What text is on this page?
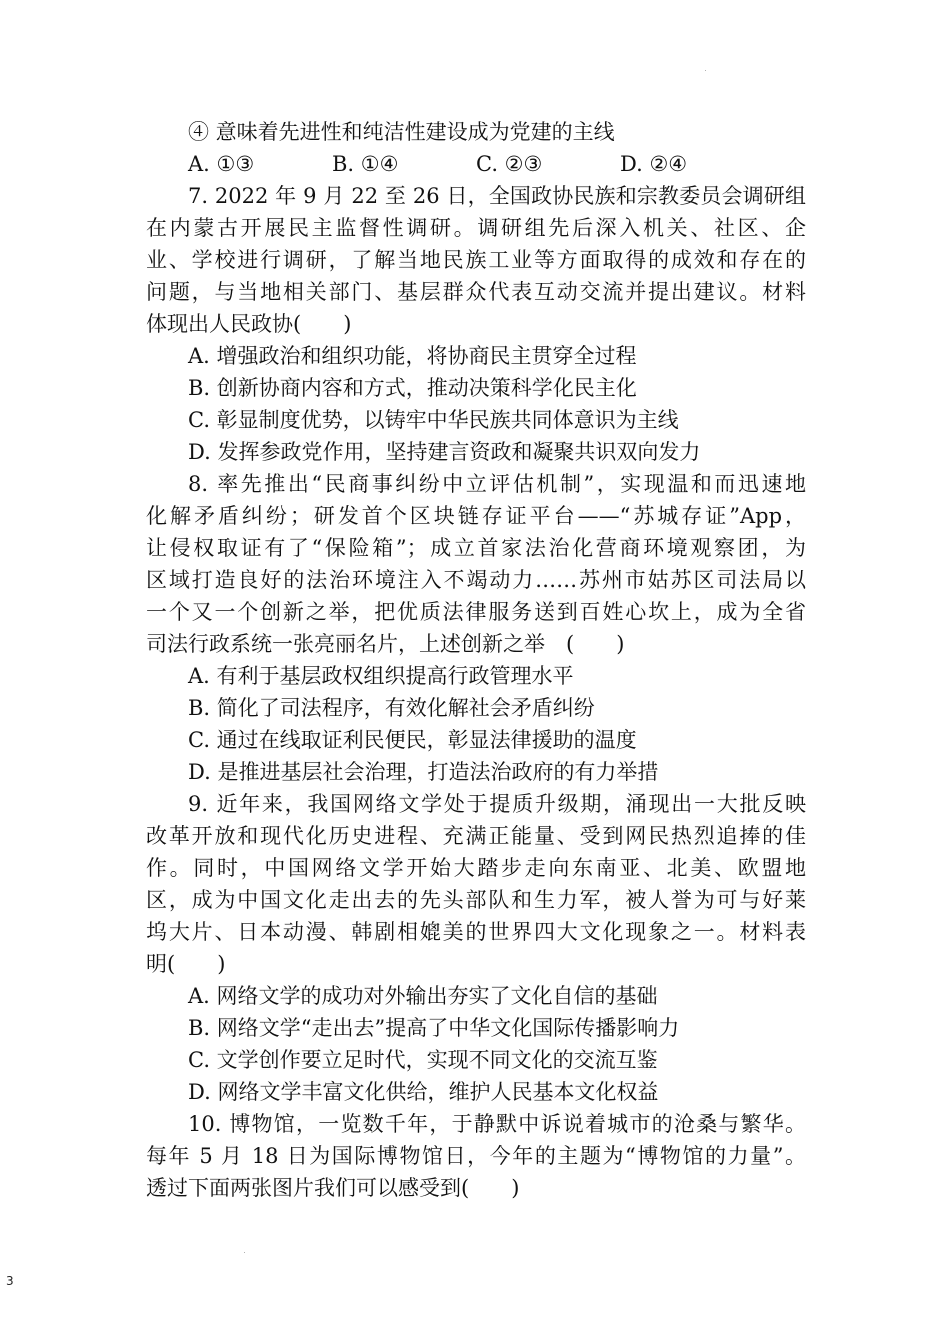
④ 意味着先进性和纯洁性建设成为党建的主线
A. ①③	B. ①④	C. ②③	D. ②④
7. 2022 年 9 月 22 至 26 日，全国政协民族和宗教委员会调研组
在内蒙古开展民主监督性调研。调研组先后深入机关、社区、企
业、学校进行调研，了解当地民族工业等方面取得的成效和存在的
问题，与当地相关部门、基层群众代表互动交流并提出建议。材料
体现出人民政协(　　)
A. 增强政治和组织功能，将协商民主贯穿全过程
B. 创新协商内容和方式，推动决策科学化民主化
C. 彰显制度优势，以铸牢中华民族共同体意识为主线
D. 发挥参政党作用，坚持建言资政和凝聚共识双向发力
8. 率先推出“民商事纠纷中立评估机制”，实现温和而迅速地
化解矛盾纠纷；研发首个区块链存证平台——“苏城存证”App，
让侵权取证有了“保险箱”；成立首家法治化营商环境观察团，为
区域打造良好的法治环境注入不竭动力……苏州市姑苏区司法局以
一个又一个创新之举，把优质法律服务送到百姓心坎上，成为全省
司法行政系统一张亮丽名片，上述创新之举　(　　)
A. 有利于基层政权组织提高行政管理水平
B. 简化了司法程序，有效化解社会矛盾纠纷
C. 通过在线取证利民便民，彰显法律援助的温度
D. 是推进基层社会治理，打造法治政府的有力举措
9. 近年来，我国网络文学处于提质升级期，涌现出一大批反映
改革开放和现代化历史进程、充满正能量、受到网民热烈追捧的佳
作。同时，中国网络文学开始大踏步走向东南亚、北美、欧盟地
区，成为中国文化走出去的先头部队和生力军，被人誉为可与好莱
坞大片、日本动漫、韩剧相媲美的世界四大文化现象之一。材料表
明(　　)
A. 网络文学的成功对外输出夯实了文化自信的基础
B. 网络文学“走出去”提高了中华文化国际传播影响力
C. 文学创作要立足时代，实现不同文化的交流互鉴
D. 网络文学丰富文化供给，维护人民基本文化权益
10. 博物馆，一览数千年，于静默中诉说着城市的沧桑与繁华。
每年 5 月 18 日为国际博物馆日，今年的主题为“博物馆的力量”。
透过下面两张图片我们可以感受到(　　)
3
